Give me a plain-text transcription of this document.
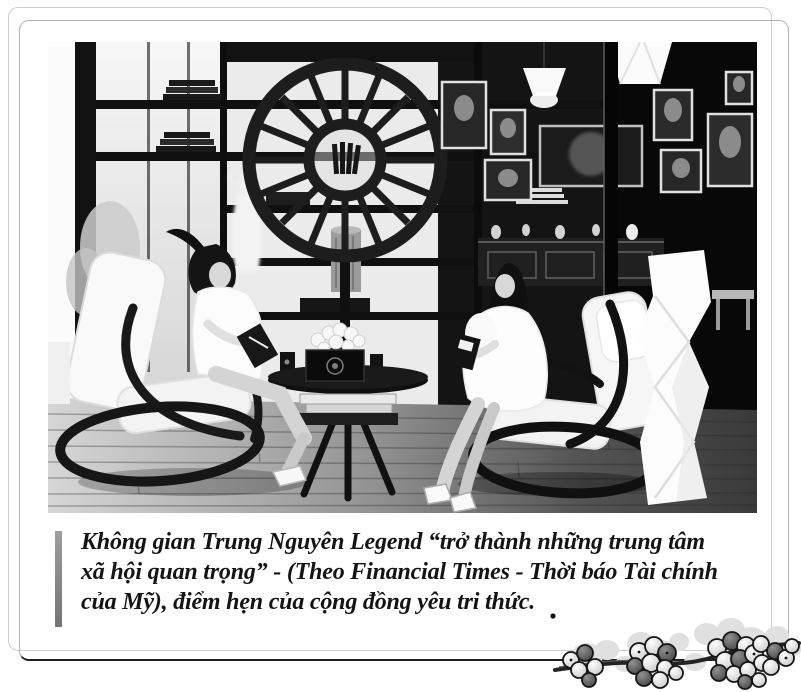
Không gian Trung Nguyên Legend “trở thành những trung tâm
xã hội quan trọng” - (Theo Financial Times - Thời báo Tài chính
của Mỹ), điểm hẹn của cộng đồng yêu tri thức.
